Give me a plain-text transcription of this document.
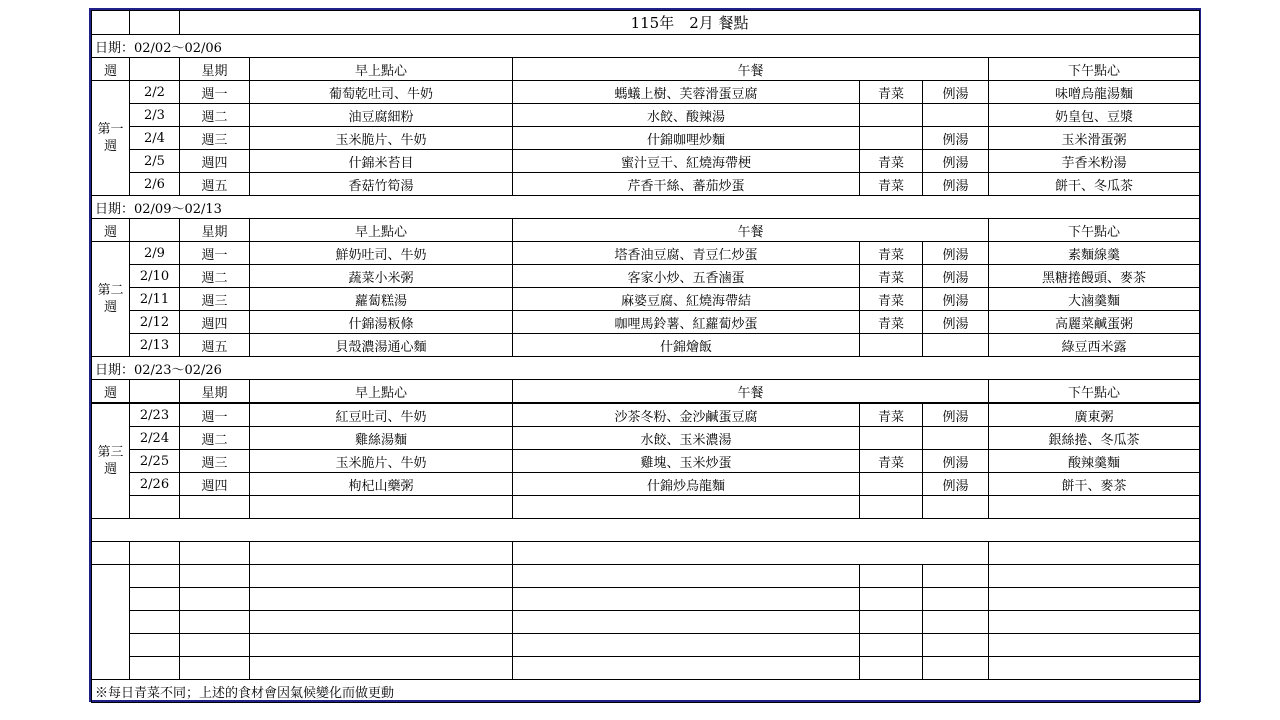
		115年　2月 餐點					
日期：02/02～02/06							
週		星期	早上點心	午餐			下午點心
第一週	2/2	週一	葡萄乾吐司、牛奶	螞蟻上樹、芙蓉滑蛋豆腐	青菜	例湯	味噌烏龍湯麵
	2/3	週二	油豆腐細粉	水餃、酸辣湯			奶皇包、豆漿
	2/4	週三	玉米脆片、牛奶	什錦咖哩炒麵		例湯	玉米滑蛋粥
	2/5	週四	什錦米苔目	蜜汁豆干、紅燒海帶梗	青菜	例湯	芋香米粉湯
	2/6	週五	香菇竹筍湯	芹香干絲、蕃茄炒蛋	青菜	例湯	餅干、冬瓜茶
日期：02/09～02/13							
週		星期	早上點心	午餐			下午點心
第二週	2/9	週一	鮮奶吐司、牛奶	塔香油豆腐、青豆仁炒蛋	青菜	例湯	素麵線羹
	2/10	週二	蔬菜小米粥	客家小炒、五香滷蛋	青菜	例湯	黑糖捲饅頭、麥茶
	2/11	週三	蘿蔔糕湯	麻婆豆腐、紅燒海帶結	青菜	例湯	大滷羹麵
	2/12	週四	什錦湯粄條	咖哩馬鈴薯、紅蘿蔔炒蛋	青菜	例湯	高麗菜鹹蛋粥
	2/13	週五	貝殼濃湯通心麵	什錦燴飯			綠豆西米露
日期：02/23～02/26							
週		星期	早上點心	午餐			下午點心
第三週	2/23	週一	紅豆吐司、牛奶	沙茶冬粉、金沙鹹蛋豆腐	青菜	例湯	廣東粥
	2/24	週二	雞絲湯麵	水餃、玉米濃湯			銀絲捲、冬瓜茶
	2/25	週三	玉米脆片、牛奶	雞塊、玉米炒蛋	青菜	例湯	酸辣羹麵
	2/26	週四	枸杞山藥粥	什錦炒烏龍麵		例湯	餅干、麥茶

※每日青菜不同；上述的食材會因氣候變化而做更動							
